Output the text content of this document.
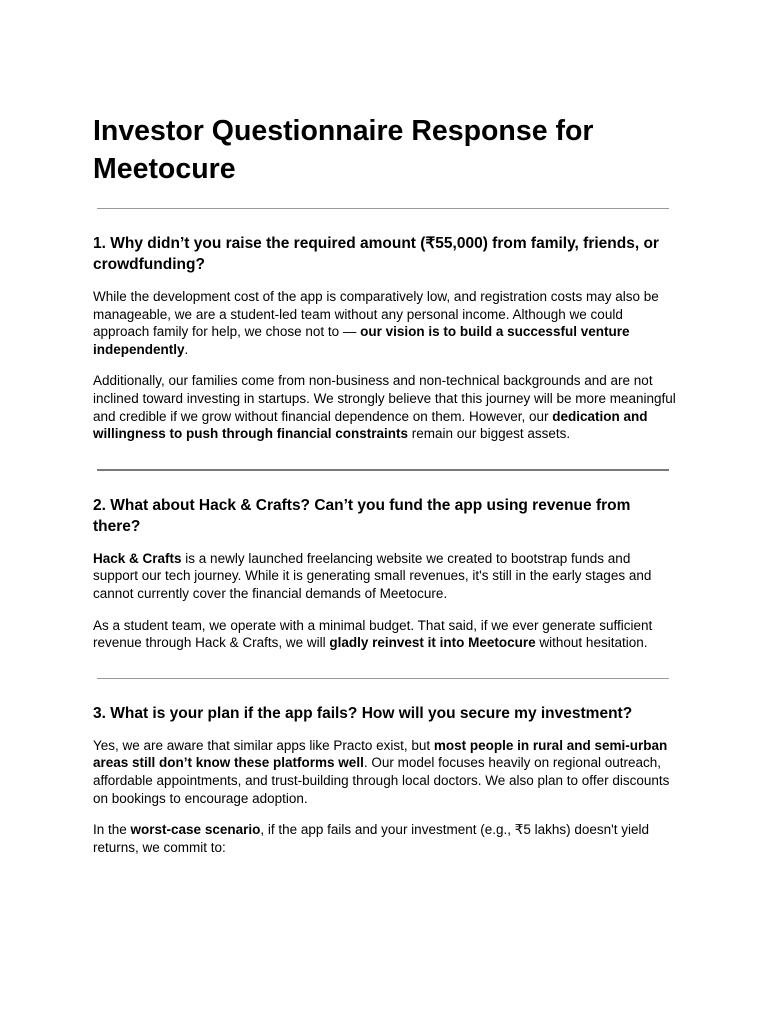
Investor Questionnaire Response for Meetocure
1. Why didn’t you raise the required amount (₹55,000) from family, friends, or crowdfunding?

While the development cost of the app is comparatively low, and registration costs may also be manageable, we are a student-led team without any personal income. Although we could approach family for help, we chose not to — our vision is to build a successful venture independently.

Additionally, our families come from non-business and non-technical backgrounds and are not inclined toward investing in startups. We strongly believe that this journey will be more meaningful and credible if we grow without financial dependence on them. However, our dedication and willingness to push through financial constraints remain our biggest assets.

2. What about Hack & Crafts? Can’t you fund the app using revenue from there?

Hack & Crafts is a newly launched freelancing website we created to bootstrap funds and support our tech journey. While it is generating small revenues, it's still in the early stages and cannot currently cover the financial demands of Meetocure.

As a student team, we operate with a minimal budget. That said, if we ever generate sufficient revenue through Hack & Crafts, we will gladly reinvest it into Meetocure without hesitation.

3. What is your plan if the app fails? How will you secure my investment?

Yes, we are aware that similar apps like Practo exist, but most people in rural and semi-urban areas still don’t know these platforms well. Our model focuses heavily on regional outreach, affordable appointments, and trust-building through local doctors. We also plan to offer discounts on bookings to encourage adoption.

In the worst-case scenario, if the app fails and your investment (e.g., ₹5 lakhs) doesn't yield returns, we commit to:
